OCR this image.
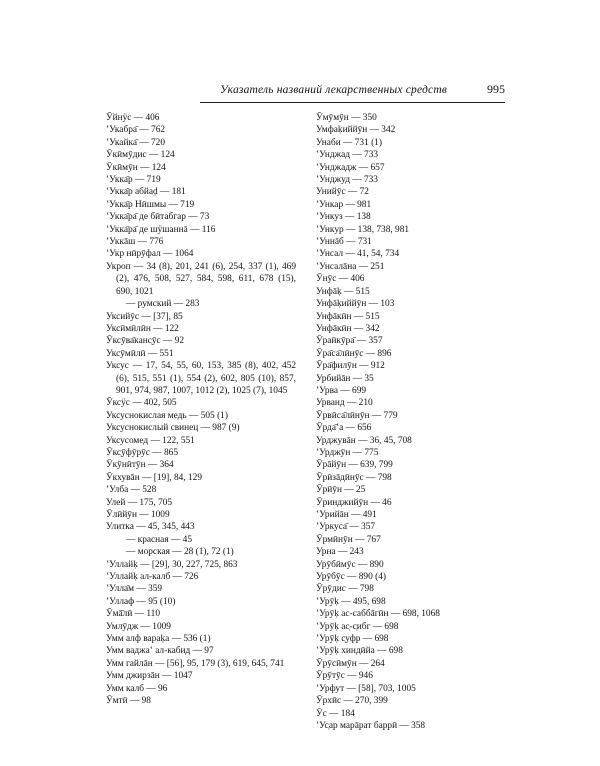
Указатель названий лекарственных средств	995
Ӯйнӱс — 406
ʽУкабра̄ — 762
ʽУкайка̄ — 720
Ӯкӣмӯдис — 124
Ӯкӣмӯн — 124
ʽУкка̄р — 719
ʽУкка̄р абйаḍ — 181
ʽУкка̄р Нӣшмы — 719
ʽУкка̄ра̄ де бӣтабгар — 73
ʽУкка̄ра̄ де шӱшаннā — 116
ʽУккāш — 776
ʽУкр нӣрӯфал — 1064
Укроп — 34 (8), 201, 241 (6), 254, 337 (1), 469 (2), 476, 508, 527, 584, 598, 611, 678 (15), 690, 1021
— румский — 283
Уксийӯс — [37], 85
Уксӣмӣлӣн — 122
Ӯксӯва̄канс̣ӯс — 92
Уксӯмӣлӣ — 551
Уксус — 17, 54, 55, 60, 153, 385 (8), 402, 452 (6), 515, 551 (1), 554 (2), 602, 805 (10), 857, 901, 974, 987, 1007, 1012 (2), 1025 (7), 1045
Ӯксӱс — 402, 505
Уксуснокислая медь — 505 (1)
Уксуснокислый свинец — 987 (9)
Уксусомед — 122, 551
Ӯкс̣ӯфӯрӯс — 865
Ӯкӯнӣтӯн — 364
Ӯкхувāн — [19], 84, 129
ʽУлба — 528
Улей — 175, 705
Ӯлӣйӯн — 1009
Улитка — 45, 345, 443
— красная — 45
— морская — 28 (1), 72 (1)
ʽУллайḳ — [29], 30, 227, 725, 863
ʽУллайḳ ал-калб — 726
ʽУлла̄м — 359
ʽУллаф — 95 (10)
Ӯмā̄лӣ — 110
Умлӯдж — 1009
Умм алф вараḳа — 536 (1)
Умм ваджаʽ ал-кабид — 97
Умм гайлāн — [56], 95, 179 (3), 619, 645, 741
Умм джирзāн — 1047
Умм калб — 96
Ӯмтӣ — 98
Ӯмӯмӯн — 350
Умфаḳиййӯн — 342
Унаби — 731 (1)
ʽУнджад — 733
ʽУнджадж — 657
ʽУнджуд — 733
Унийӯс — 72
ʽУнкар — 981
ʽУнкуз — 138
ʽУнкур — 138, 738, 981
ʽУннāб — 731
ʽУнсал — 41, 54, 734
ʽУнсалāна — 251
Ӯнӯс — 406
Унфāḳ — 515
Унфāḳиййӯн — 103
Унфāкӣн — 515
Унфāкӣн — 342
Ӯраӣкӯра̄ — 357
Ӯра̄са̄лӣнӯс — 896
Ӯра̄филӯн — 912
Урбийāн — 35
ʽУрва — 699
Урванд — 210
Ӯрвӣса̄лӣнӯн — 779
Ӯрда̄ʽа — 656
Урджувāн — 36, 45, 708
ʽУрджӯн — 775
Ӯрāйӯн — 639, 799
Ӯрӣзāдӣнӯс — 798
Ӯрӣӯн — 25
Ӯринджийӯн — 46
ʽУрийāн — 491
ʽУркуса̄ — 357
Ӯрмӣнӯн — 767
Урна — 243
Урӯбӣмӯс — 890
Урӯбӯс — 890 (4)
Ӯрӯдис — 798
ʽУрӯḳ — 495, 698
ʽУрӯḳ ас-саббāгӣн — 698, 1068
ʽУрӯḳ ас̣-с̣ибг — 698
ʽУрӯḳ с̣уфр — 698
ʽУрӯḳ хиндӣйа — 698
Ӯрӯсӣмӯн — 264
Ӯрӯтӯс — 946
ʽУрфут — [58], 703, 1005
Ӯрхӣс — 270, 399
Ӯс — 184
ʽУс̣ар марāрат баррӣ — 358
